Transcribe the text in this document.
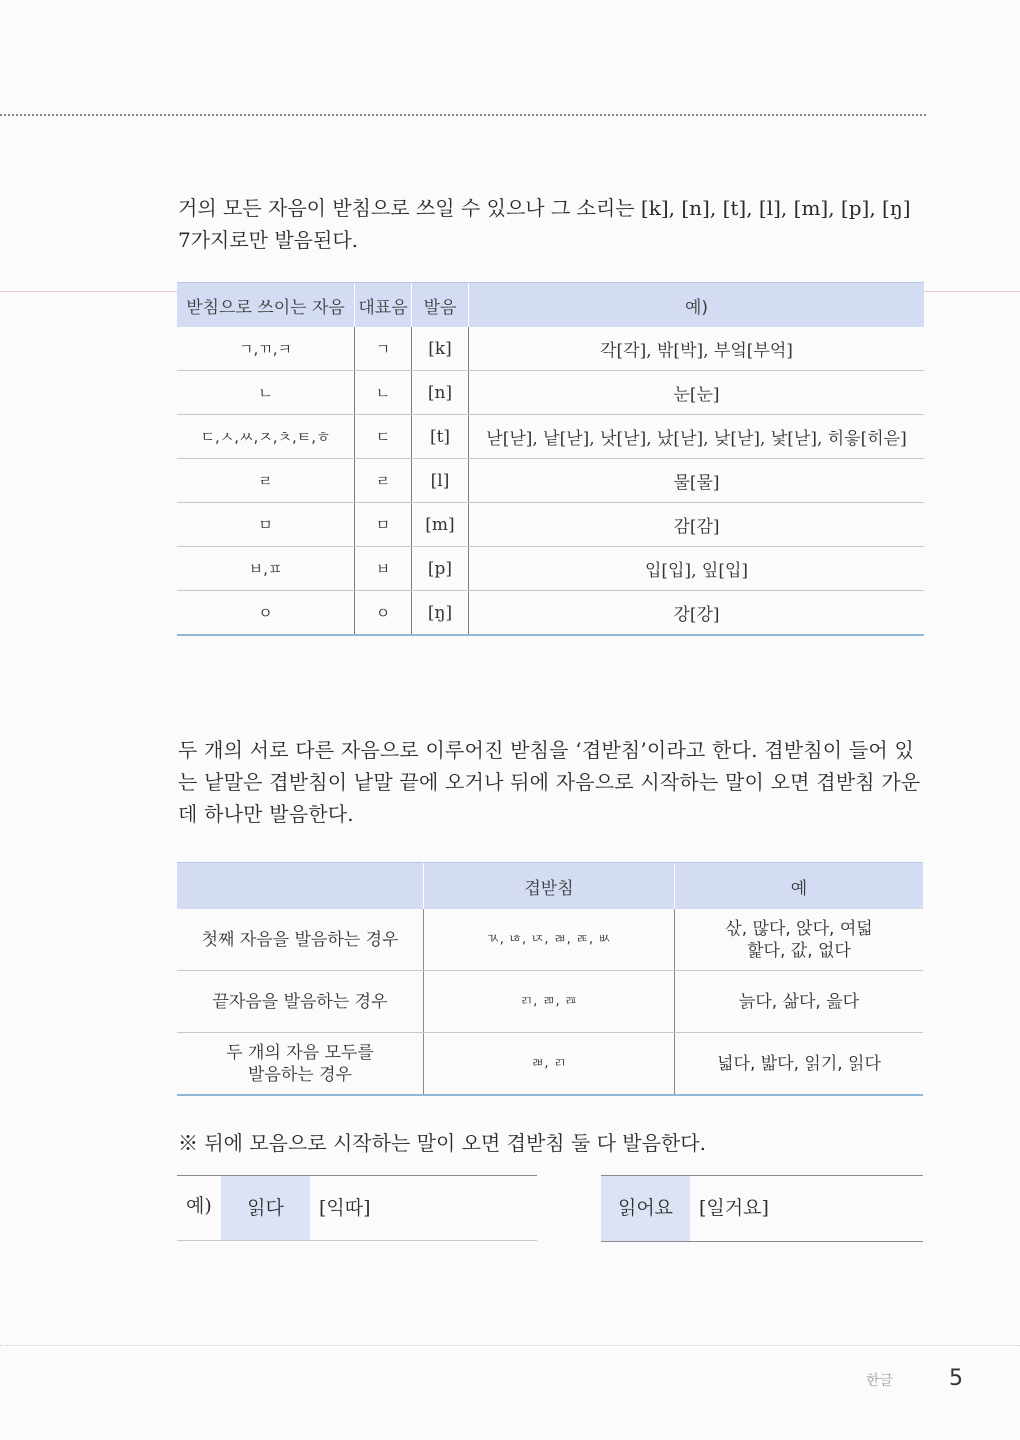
거의 모든 자음이 받침으로 쓰일 수 있으나 그 소리는 [k], [n], [t], [l], [m], [p], [ŋ] 7가지로만 발음된다.

받침으로 쓰이는 자음	대표음	발음	예)
ㄱ,ㄲ,ㅋ	ㄱ	[k]	각[각], 밖[박], 부엌[부억]
ㄴ	ㄴ	[n]	눈[눈]
ㄷ,ㅅ,ㅆ,ㅈ,ㅊ,ㅌ,ㅎ	ㄷ	[t]	낟[낟], 낱[낟], 낫[낟], 났[낟], 낮[낟], 낯[낟], 히읗[히읃]
ㄹ	ㄹ	[l]	물[물]
ㅁ	ㅁ	[m]	감[감]
ㅂ,ㅍ	ㅂ	[p]	입[입], 잎[입]
ㅇ	ㅇ	[ŋ]	강[강]

두 개의 서로 다른 자음으로 이루어진 받침을 ‘겹받침’이라고 한다. 겹받침이 들어 있는 낱말은 겹받침이 낱말 끝에 오거나 뒤에 자음으로 시작하는 말이 오면 겹받침 가운데 하나만 발음한다.

	겹받침	예
첫째 자음을 발음하는 경우	ㄳ, ㄶ, ㄵ, ㄼ, ㄾ, ㅄ	삯, 많다, 앉다, 여덟
핥다, 값, 없다
끝자음을 발음하는 경우	ㄺ, ㄻ, ㄿ	늙다, 삶다, 읊다
두 개의 자음 모두를
발음하는 경우	ㄼ, ㄺ	넓다, 밟다, 읽기, 읽다
※ 뒤에 모음으로 시작하는 말이 오면 겹받침 둘 다 발음한다.
예)	읽다	[익따]	읽어요	[일거요]
한글	5
